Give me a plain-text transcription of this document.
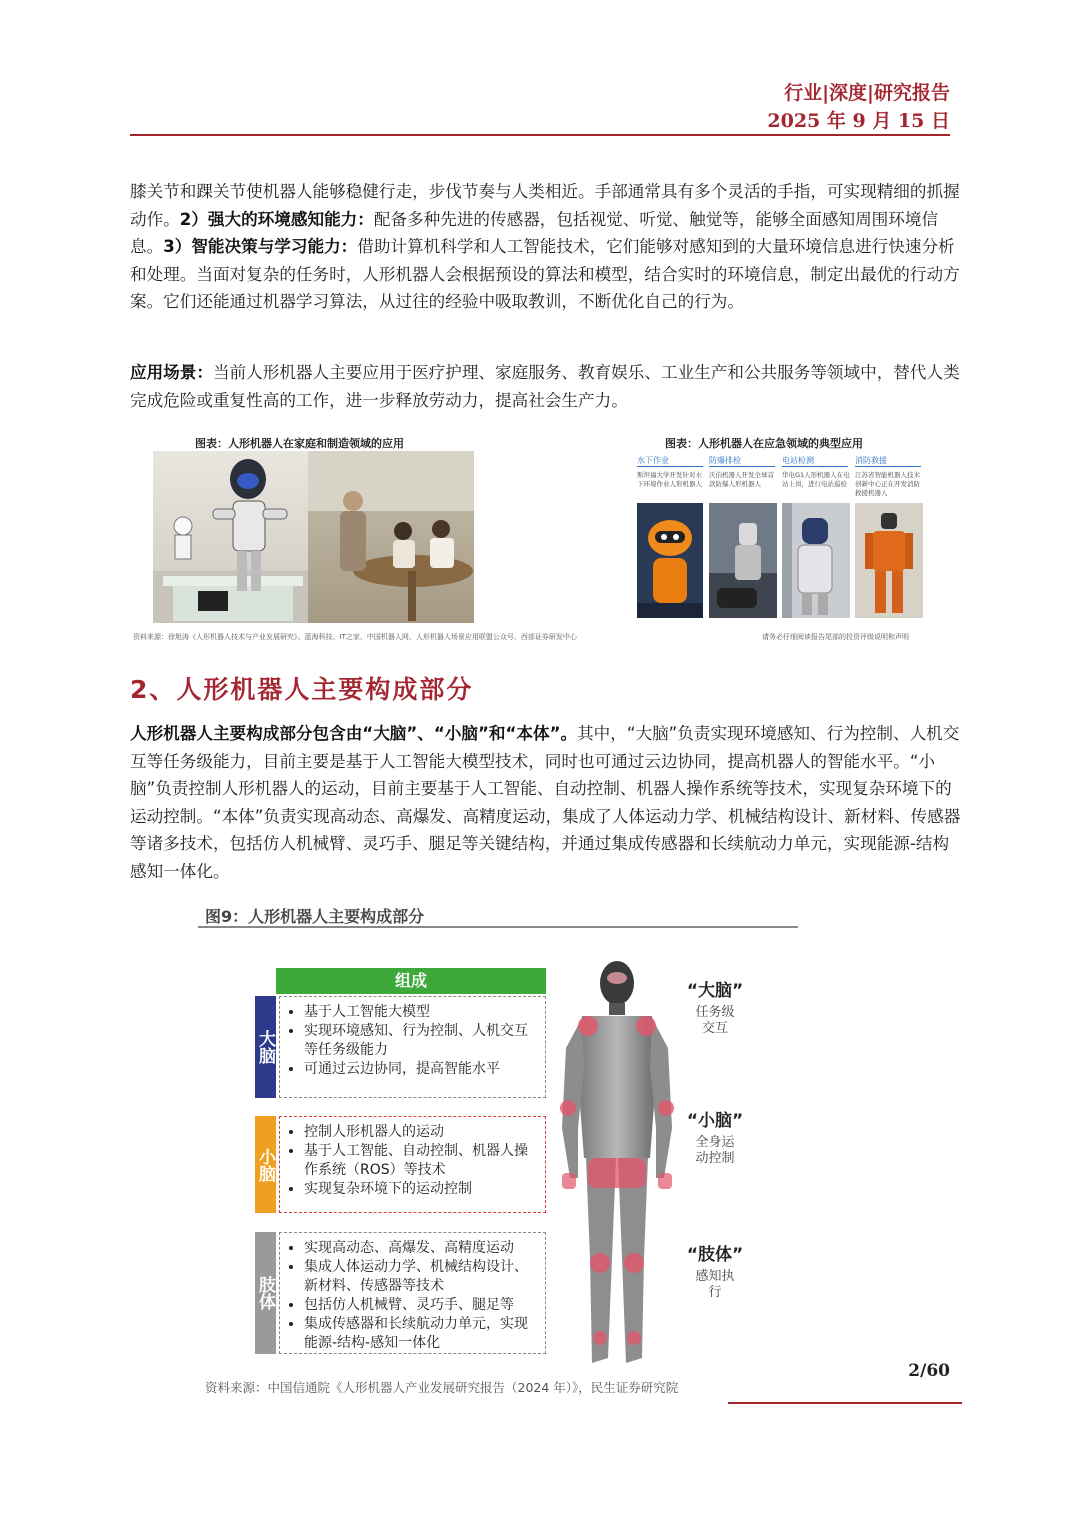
行业|深度|研究报告
2025 年 9 月 15 日

膝关节和踝关节使机器人能够稳健行走，步伐节奏与人类相近。手部通常具有多个灵活的手指，可实现精细的抓握动作。2）强大的环境感知能力：配备多种先进的传感器，包括视觉、听觉、触觉等，能够全面感知周围环境信息。3）智能决策与学习能力：借助计算机科学和人工智能技术，它们能够对感知到的大量环境信息进行快速分析和处理。当面对复杂的任务时，人形机器人会根据预设的算法和模型，结合实时的环境信息，制定出最优的行动方案。它们还能通过机器学习算法，从过往的经验中吸取教训，不断优化自己的行为。

应用场景：当前人形机器人主要应用于医疗护理、家庭服务、教育娱乐、工业生产和公共服务等领域中，替代人类完成危险或重复性高的工作，进一步释放劳动力，提高社会生产力。

图表：人形机器人在家庭和制造领域的应用	图表：人形机器人在应急领域的典型应用
水下作业	防爆排检	电站检测	消防救援
斯坦福大学开发针对水下环境作业人形机器人
沃伯机器人开发全球首款防爆人形机器人
华电G1人形机器人在电站上岗，进行电站巡检
江苏省智能机器人技术创新中心正在开发消防救援机器人
资料来源：徐旭涛《人形机器人技术与产业发展研究》、蓝海科技、IT之家、中国机器人网、人形机器人场景应用联盟公众号、西部证券研发中心	请务必仔细阅读报告尾部的投资评级说明和声明
2、人形机器人主要构成部分

人形机器人主要构成部分包含由“大脑”、“小脑”和“本体”。其中，“大脑”负责实现环境感知、行为控制、人机交互等任务级能力，目前主要是基于人工智能大模型技术，同时也可通过云边协同，提高机器人的智能水平。“小脑”负责控制人形机器人的运动，目前主要基于人工智能、自动控制、机器人操作系统等技术，实现复杂环境下的运动控制。“本体”负责实现高动态、高爆发、高精度运动，集成了人体运动力学、机械结构设计、新材料、传感器等诸多技术，包括仿人机械臂、灵巧手、腿足等关键结构，并通过集成传感器和长续航动力单元，实现能源-结构感知一体化。

图9：人形机器人主要构成部分
组成
大脑
• 基于人工智能大模型
• 实现环境感知、行为控制、人机交互等任务级能力
• 可通过云边协同，提高智能水平
小脑
• 控制人形机器人的运动
• 基于人工智能、自动控制、机器人操作系统（ROS）等技术
• 实现复杂环境下的运动控制
肢体
• 实现高动态、高爆发、高精度运动
• 集成人体运动力学、机械结构设计、新材料、传感器等技术
• 包括仿人机械臂、灵巧手、腿足等
• 集成传感器和长续航动力单元，实现能源-结构-感知一体化
“大脑”
任务级交互
“小脑”
全身运动控制
“肢体”
感知执行
资料来源：中国信通院《人形机器人产业发展研究报告（2024 年）》，民生证券研究院
2/60
